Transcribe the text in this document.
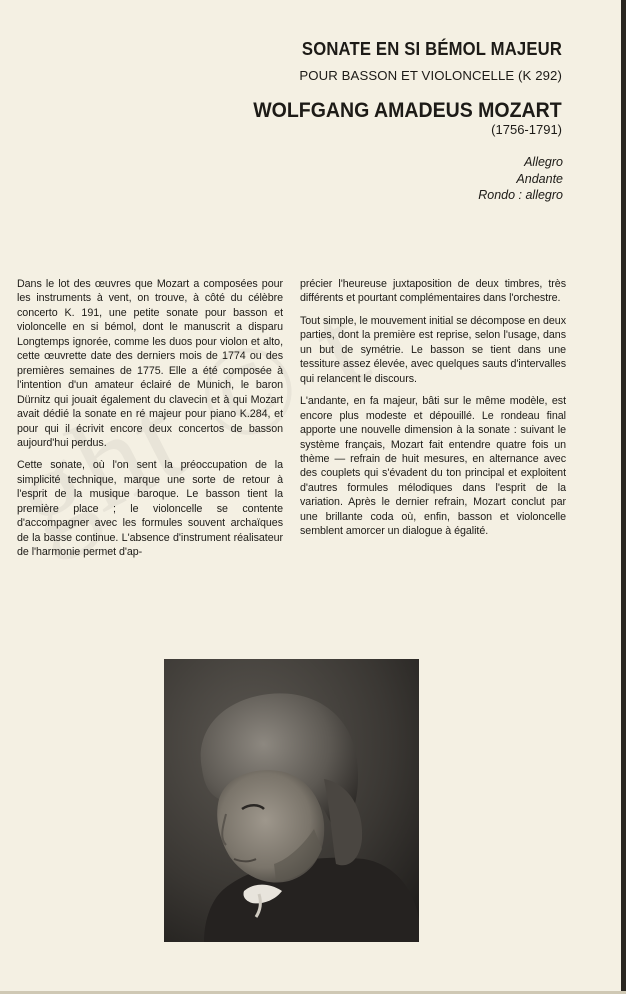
SONATE EN SI BÉMOL MAJEUR
POUR BASSON ET VIOLONCELLE (K 292)
WOLFGANG AMADEUS MOZART
(1756-1791)
Allegro
Andante
Rondo : allegro

Dans le lot des œuvres que Mozart a composées pour les instruments à vent, on trouve, à côté du célèbre concerto K. 191, une petite sonate pour basson et violoncelle en si bémol, dont le manuscrit a disparu Longtemps ignorée, comme les duos pour violon et alto, cette œuvrette date des derniers mois de 1774 ou des premières semaines de 1775. Elle a été composée à l'intention d'un amateur éclairé de Munich, le baron Dürnitz qui jouait également du clavecin et à qui Mozart avait dédié la sonate en ré majeur pour piano K.284, et pour qui il écrivit encore deux concertos de basson aujourd'hui perdus.

Cette sonate, où l'on sent la préoccupation de la simplicité technique, marque une sorte de retour à l'esprit de la musique baroque. Le basson tient la première place ; le violoncelle se contente d'accompagner avec les formules souvent archaïques de la basse continue. L'absence d'instrument réalisateur de l'harmonie permet d'ap-

précier l'heureuse juxtaposition de deux timbres, très différents et pourtant complémentaires dans l'orchestre.

Tout simple, le mouvement initial se décompose en deux parties, dont la première est reprise, selon l'usage, dans un but de symétrie. Le basson se tient dans une tessiture assez élevée, avec quelques sauts d'intervalles qui relancent le discours.

L'andante, en fa majeur, bâti sur le même modèle, est encore plus modeste et dépouillé. Le rondeau final apporte une nouvelle dimension à la sonate : suivant le système français, Mozart fait entendre quatre fois un thème — refrain de huit mesures, en alternance avec des couplets qui s'évadent du ton principal et exploitent d'autres formules mélodiques dans l'esprit de la variation. Après le dernier refrain, Mozart conclut par une brillante coda où, enfin, basson et violoncelle semblent amorcer un dialogue à égalité.
